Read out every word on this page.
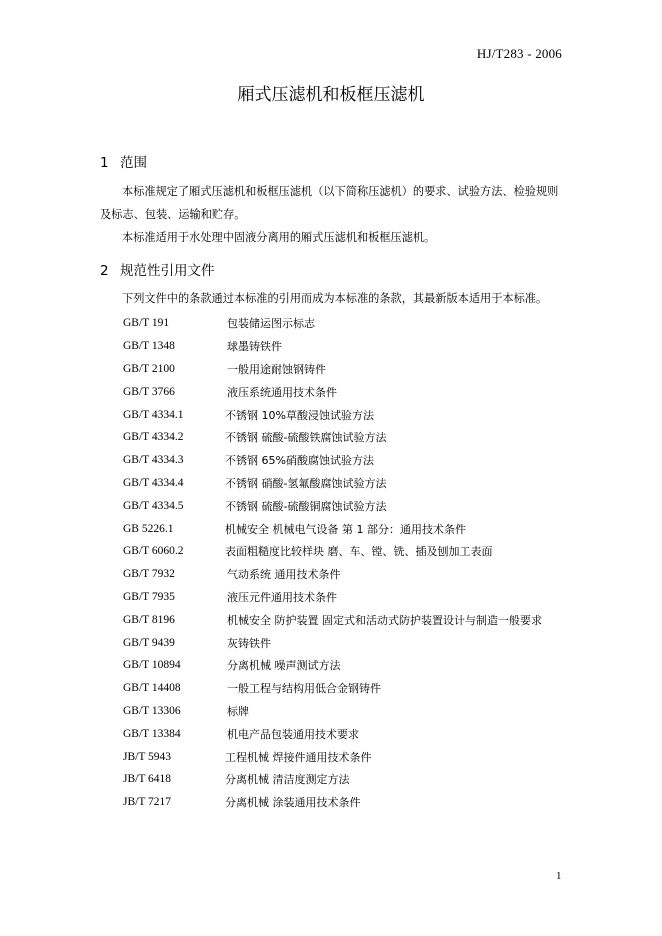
HJ/T283 - 2006
厢式压滤机和板框压滤机
1 范围

本标准规定了厢式压滤机和板框压滤机（以下简称压滤机）的要求、试验方法、检验规则及标志、包装、运输和贮存。

本标准适用于水处理中固液分离用的厢式压滤机和板框压滤机。

2 规范性引用文件

下列文件中的条款通过本标准的引用而成为本标准的条款，其最新版本适用于本标准。

GB/T 191	包装储运图示标志
GB/T 1348	球墨铸铁件
GB/T 2100	一般用途耐蚀钢铸件
GB/T 3766	液压系统通用技术条件
GB/T 4334.1	不锈钢 10%草酸浸蚀试验方法
GB/T 4334.2	不锈钢 硫酸-硫酸铁腐蚀试验方法
GB/T 4334.3	不锈钢 65%硝酸腐蚀试验方法
GB/T 4334.4	不锈钢 硝酸-氢氟酸腐蚀试验方法
GB/T 4334.5	不锈钢 硫酸-硫酸铜腐蚀试验方法
GB 5226.1	机械安全 机械电气设备 第 1 部分：通用技术条件
GB/T 6060.2	表面粗糙度比较样块 磨、车、镗、铣、插及刨加工表面
GB/T 7932	气动系统 通用技术条件
GB/T 7935	液压元件通用技术条件
GB/T 8196	机械安全 防护装置 固定式和活动式防护装置设计与制造一般要求
GB/T 9439	灰铸铁件
GB/T 10894	分离机械 噪声测试方法
GB/T 14408	一般工程与结构用低合金钢铸件
GB/T 13306	标牌
GB/T 13384	机电产品包装通用技术要求
JB/T 5943	工程机械 焊接件通用技术条件
JB/T 6418	分离机械 清洁度测定方法
JB/T 7217	分离机械 涂装通用技术条件
1
